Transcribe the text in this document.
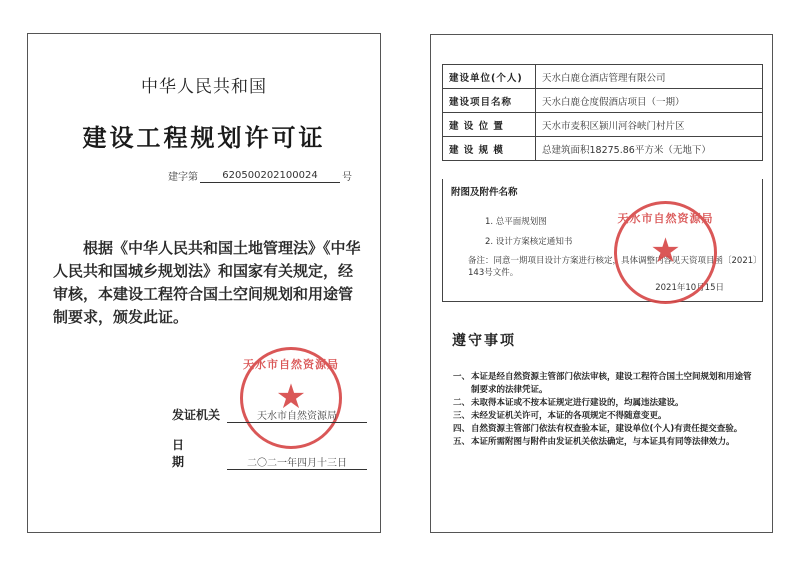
中华人民共和国
建设工程规划许可证
建字第	620500202100024	号

根据《中华人民共和国土地管理法》《中华人民共和国城乡规划法》和国家有关规定，经审核，本建设工程符合国土空间规划和用途管制要求，颁发此证。

天水市自然资源局
★
发证机关	天水市自然资源局
日期	二〇二一年四月十三日
建设单位(个人)	天水白鹿仓酒店管理有限公司
建设项目名称	天水白鹿仓度假酒店项目（一期）
建 设 位 置	天水市麦积区颍川河谷峡门村片区
建 设 规 模	总建筑面积18275.86平方米（无地下）
附图及附件名称
1. 总平面规划图
2. 设计方案核定通知书
备注：同意一期项目设计方案进行核定，具体调整内容见天资项目函〔2021〕143号文件。
2021年10月15日
天水市自然资源局
★
遵守事项
一、 本证是经自然资源主管部门依法审核，建设工程符合国土空间规划和用途管制要求的法律凭证。
二、 未取得本证或不按本证规定进行建设的，均属违法建设。
三、 未经发证机关许可，本证的各项规定不得随意变更。
四、 自然资源主管部门依法有权查验本证，建设单位(个人)有责任提交查验。
五、 本证所需附图与附件由发证机关依法确定，与本证具有同等法律效力。
